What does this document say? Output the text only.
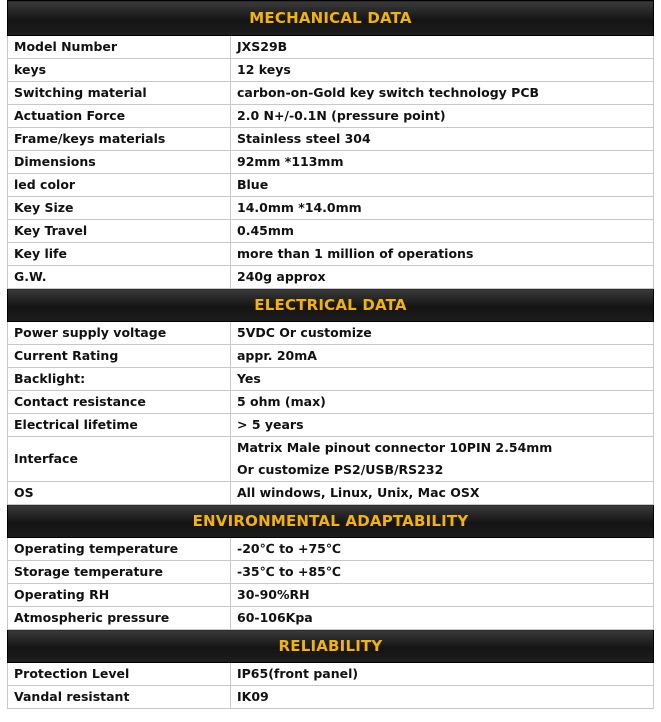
MECHANICAL DATA	
Model Number	JXS29B
keys	12 keys
Switching material	carbon-on-Gold key switch technology PCB
Actuation Force	2.0 N+/-0.1N (pressure point)
Frame/keys materials	Stainless steel 304
Dimensions	92mm *113mm
led color	Blue
Key Size	14.0mm *14.0mm
Key Travel	0.45mm
Key life	more than 1 million of operations
G.W.	240g approx
ELECTRICAL DATA	
Power supply voltage	5VDC Or customize
Current Rating	appr. 20mA
Backlight:	Yes
Contact resistance	5 ohm (max)
Electrical lifetime	> 5 years
Interface	Matrix Male pinout connector 10PIN 2.54mm
Or customize PS2/USB/RS232

OS	All windows, Linux, Unix, Mac OSX
ENVIRONMENTAL ADAPTABILITY	
Operating temperature	-20℃ to +75℃
Storage temperature	-35℃ to +85℃
Operating RH	30-90%RH
Atmospheric pressure	60-106Kpa
RELIABILITY	
Protection Level	IP65(front panel)
Vandal resistant	IK09
